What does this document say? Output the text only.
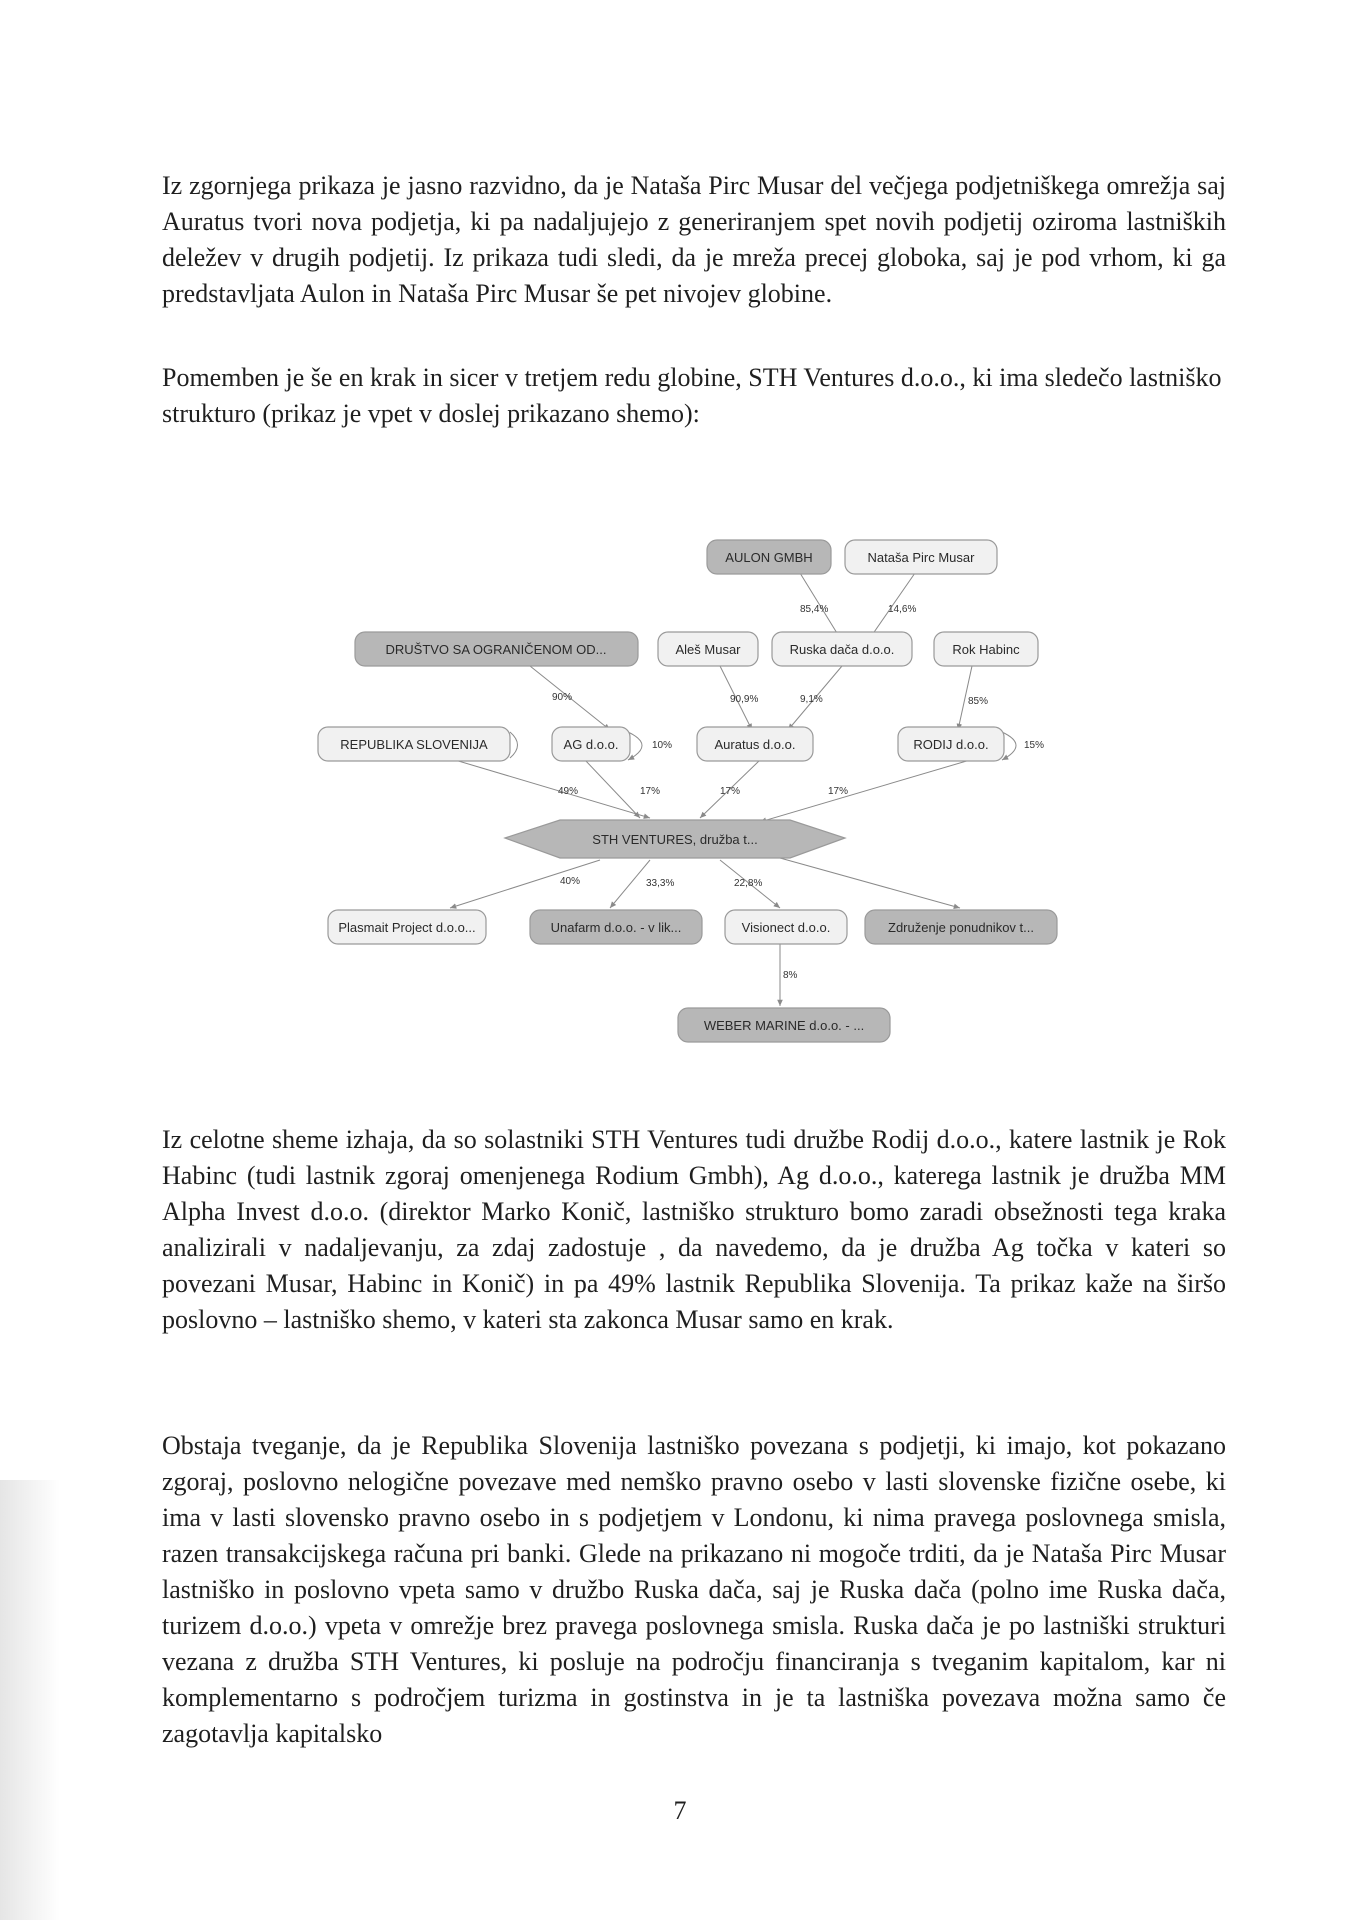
Iz zgornjega prikaza je jasno razvidno, da je Nataša Pirc Musar del večjega podjetniškega omrežja saj Auratus tvori nova podjetja, ki pa nadaljujejo z generiranjem spet novih podjetij oziroma lastniških deležev v drugih podjetij. Iz prikaza tudi sledi, da je mreža precej globoka, saj je pod vrhom, ki ga predstavljata Aulon in Nataša Pirc Musar še pet nivojev globine.

Pomemben je še en krak in sicer v tretjem redu globine, STH Ventures d.o.o., ki ima sledečo lastniško strukturo (prikaz je vpet v doslej prikazano shemo):

85,4%	14,6%
90%	90,9%	9,1%	85%
10%	15%
49%	17%	17%	17%
40%	33,3%	22,8%
8%
AULON GMBH	Nataša Pirc Musar
DRUŠTVO SA OGRANIČENOM OD...	Aleš Musar	Ruska dača d.o.o.	Rok Habinc
REPUBLIKA SLOVENIJA	AG d.o.o.	Auratus d.o.o.	RODIJ d.o.o.
STH VENTURES, družba t...
Plasmait Project d.o.o...	Unafarm d.o.o. - v lik...	Visionect d.o.o.	Združenje ponudnikov t...
WEBER MARINE d.o.o. - ...

Iz celotne sheme izhaja, da so solastniki STH Ventures tudi družbe Rodij d.o.o., katere lastnik je Rok Habinc (tudi lastnik zgoraj omenjenega Rodium Gmbh), Ag d.o.o., katerega lastnik je družba MM Alpha Invest d.o.o. (direktor Marko Konič, lastniško strukturo bomo zaradi obsežnosti tega kraka analizirali v nadaljevanju, za zdaj zadostuje , da navedemo, da je družba Ag točka v kateri so povezani Musar, Habinc in Konič) in pa 49% lastnik Republika Slovenija. Ta prikaz kaže na širšo poslovno – lastniško shemo, v kateri sta zakonca Musar samo en krak.

Obstaja tveganje, da je Republika Slovenija lastniško povezana s podjetji, ki imajo, kot pokazano zgoraj, poslovno nelogične povezave med nemško pravno osebo v lasti slovenske fizične osebe, ki ima v lasti slovensko pravno osebo in s podjetjem v Londonu, ki nima pravega poslovnega smisla, razen transakcijskega računa pri banki. Glede na prikazano ni mogoče trditi, da je Nataša Pirc Musar lastniško in poslovno vpeta samo v družbo Ruska dača, saj je Ruska dača (polno ime Ruska dača, turizem d.o.o.) vpeta v omrežje brez pravega poslovnega smisla. Ruska dača je po lastniški strukturi vezana z družba STH Ventures, ki posluje na področju financiranja s tveganim kapitalom, kar ni komplementarno s področjem turizma in gostinstva in je ta lastniška povezava možna samo če zagotavlja kapitalsko

7
